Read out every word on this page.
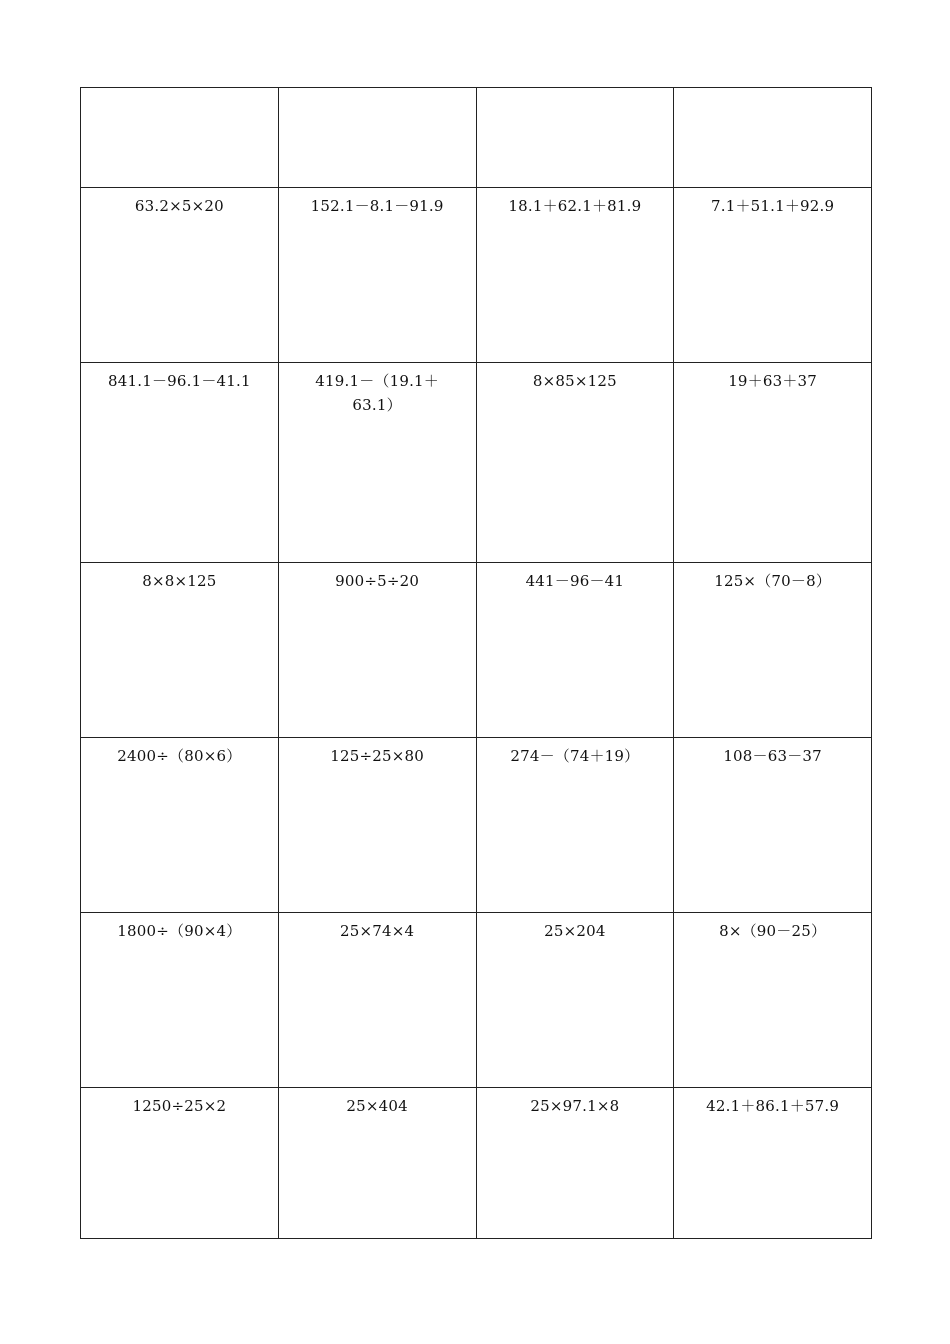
63.2×5×20	152.1－8.1－91.9	18.1＋62.1＋81.9	7.1＋51.1＋92.9

841.1－96.1－41.1	419.1－（19.1＋63.1）	8×85×125	19＋63＋37

8×8×125	900÷5÷20	441－96－41	125×（70－8）

2400÷（80×6）	125÷25×80	274－（74＋19）	108－63－37

1800÷（90×4）	25×74×4	25×204	8×（90－25）

1250÷25×2	25×404	25×97.1×8	42.1＋86.1＋57.9
